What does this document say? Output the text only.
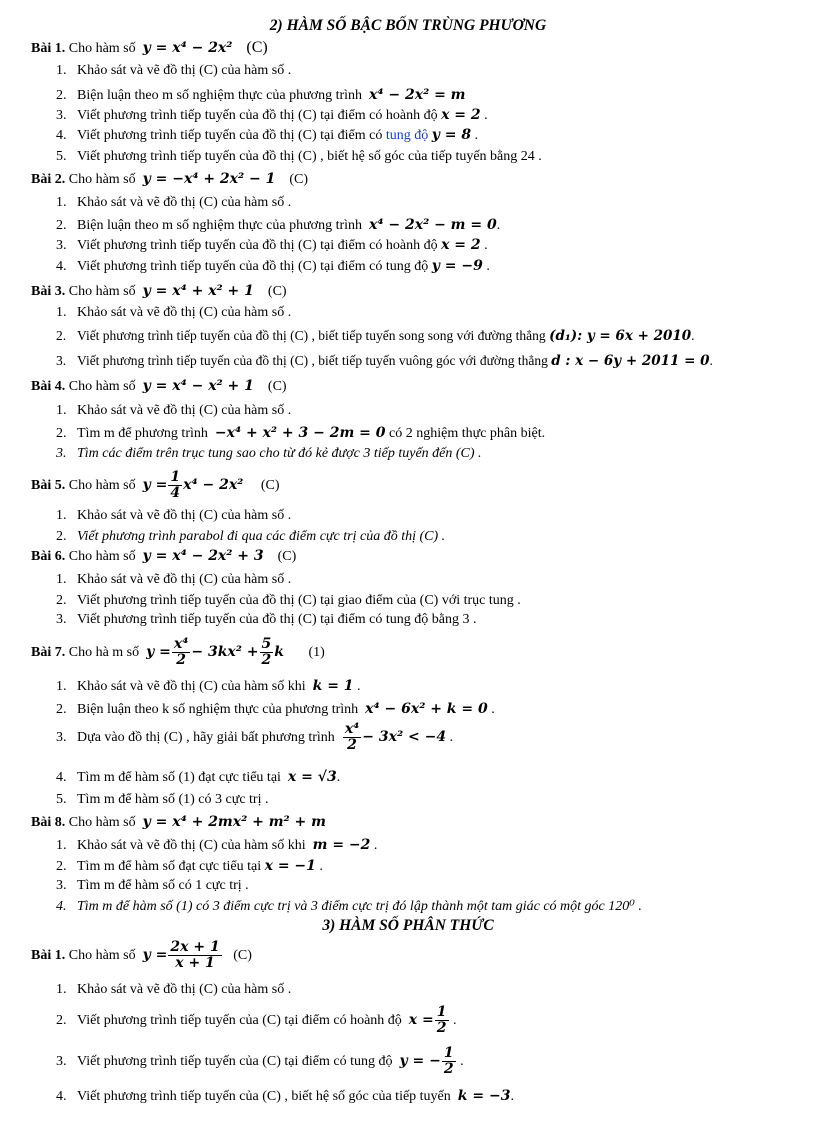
2) HÀM SỐ BẬC BỐN TRÙNG PHƯƠNG
Bài 1. Cho hàm số y = x⁴ − 2x² (C)
1. Khảo sát và vẽ đồ thị (C) của hàm số .
2. Biện luận theo m số nghiệm thực của phương trình x⁴ − 2x² = m
3. Viết phương trình tiếp tuyến của đồ thị (C) tại điểm có hoành độ x = 2 .
4. Viết phương trình tiếp tuyến của đồ thị (C) tại điểm có tung độ y = 8 .
5. Viết phương trình tiếp tuyến của đồ thị (C) , biết hệ số góc của tiếp tuyến bằng 24 .
Bài 2. Cho hàm số y = −x⁴ + 2x² − 1 (C)
1. Khảo sát và vẽ đồ thị (C) của hàm số .
2. Biện luận theo m số nghiệm thực của phương trình x⁴ − 2x² − m = 0.
3. Viết phương trình tiếp tuyến của đồ thị (C) tại điểm có hoành độ x = 2 .
4. Viết phương trình tiếp tuyến của đồ thị (C) tại điểm có tung độ y = −9 .
Bài 3. Cho hàm số y = x⁴ + x² + 1 (C)
1. Khảo sát và vẽ đồ thị (C) của hàm số .
2. Viết phương trình tiếp tuyến của đồ thị (C) , biết tiếp tuyến song song với đường thẳng (d₁): y = 6x + 2010.
3. Viết phương trình tiếp tuyến của đồ thị (C) , biết tiếp tuyến vuông góc với đường thẳng d : x − 6y + 2011 = 0.
Bài 4. Cho hàm số y = x⁴ − x² + 1 (C)
1. Khảo sát và vẽ đồ thị (C) của hàm số .
2. Tìm m để phương trình −x⁴ + x² + 3 − 2m = 0 có 2 nghiệm thực phân biệt.
3. Tìm các điểm trên trục tung sao cho từ đó kẻ được 3 tiếp tuyến đến (C) .
Bài 5. Cho hàm số $y = \frac{1}{4} x^4 - 2x^2$ (C)
1. Khảo sát và vẽ đồ thị (C) của hàm số .
2. Viết phương trình parabol đi qua các điểm cực trị của đồ thị (C) .
Bài 6. Cho hàm số y = x⁴ − 2x² + 3 (C)
1. Khảo sát và vẽ đồ thị (C) của hàm số .
2. Viết phương trình tiếp tuyến của đồ thị (C) tại giao điểm của (C) với trục tung .
3. Viết phương trình tiếp tuyến của đồ thị (C) tại điểm có tung độ bằng 3 .
Bài 7. Cho hà m số $y = \frac{\text{x⁴}}{2} - 3kx^2 + \frac{5}{2}$ k (1)
1. Khảo sát và vẽ đồ thị (C) của hàm số khi k = 1 .
2. Biện luận theo k số nghiệm thực của phương trình x⁴ − 6x² + k = 0 .
3. Dựa vào đồ thị (C) , hãy giải bất phương trình $\frac{\text{x⁴}}{2} - 3x^2 < -4$ .
4. Tìm m để hàm số (1) đạt cực tiểu tại x = √3.
5. Tìm m để hàm số (1) có 3 cực trị .
Bài 8. Cho hàm số y = x⁴ + 2mx² + m² + m
1. Khảo sát và vẽ đồ thị (C) của hàm số khi m = −2 .
2. Tìm m để hàm số đạt cực tiểu tại x = −1 .
3. Tìm m để hàm số có 1 cực trị .
4. Tìm m để hàm số (1) có 3 điểm cực trị và 3 điểm cực trị đó lập thành một tam giác có một góc 120⁰ .
3) HÀM SỐ PHÂN THỨC
Bài 1. Cho hàm số $y = \frac{2x + 1}{x + 1} (C)$
1. Khảo sát và vẽ đồ thị (C) của hàm số .
2. Viết phương trình tiếp tuyến của (C) tại điểm có hoành độ $x = \frac{1}{2}$ .
3. Viết phương trình tiếp tuyến của (C) tại điểm có tung độ y = − $\frac{1}{2}$ .
4. Viết phương trình tiếp tuyến của (C) , biết hệ số góc của tiếp tuyến k = −3.
